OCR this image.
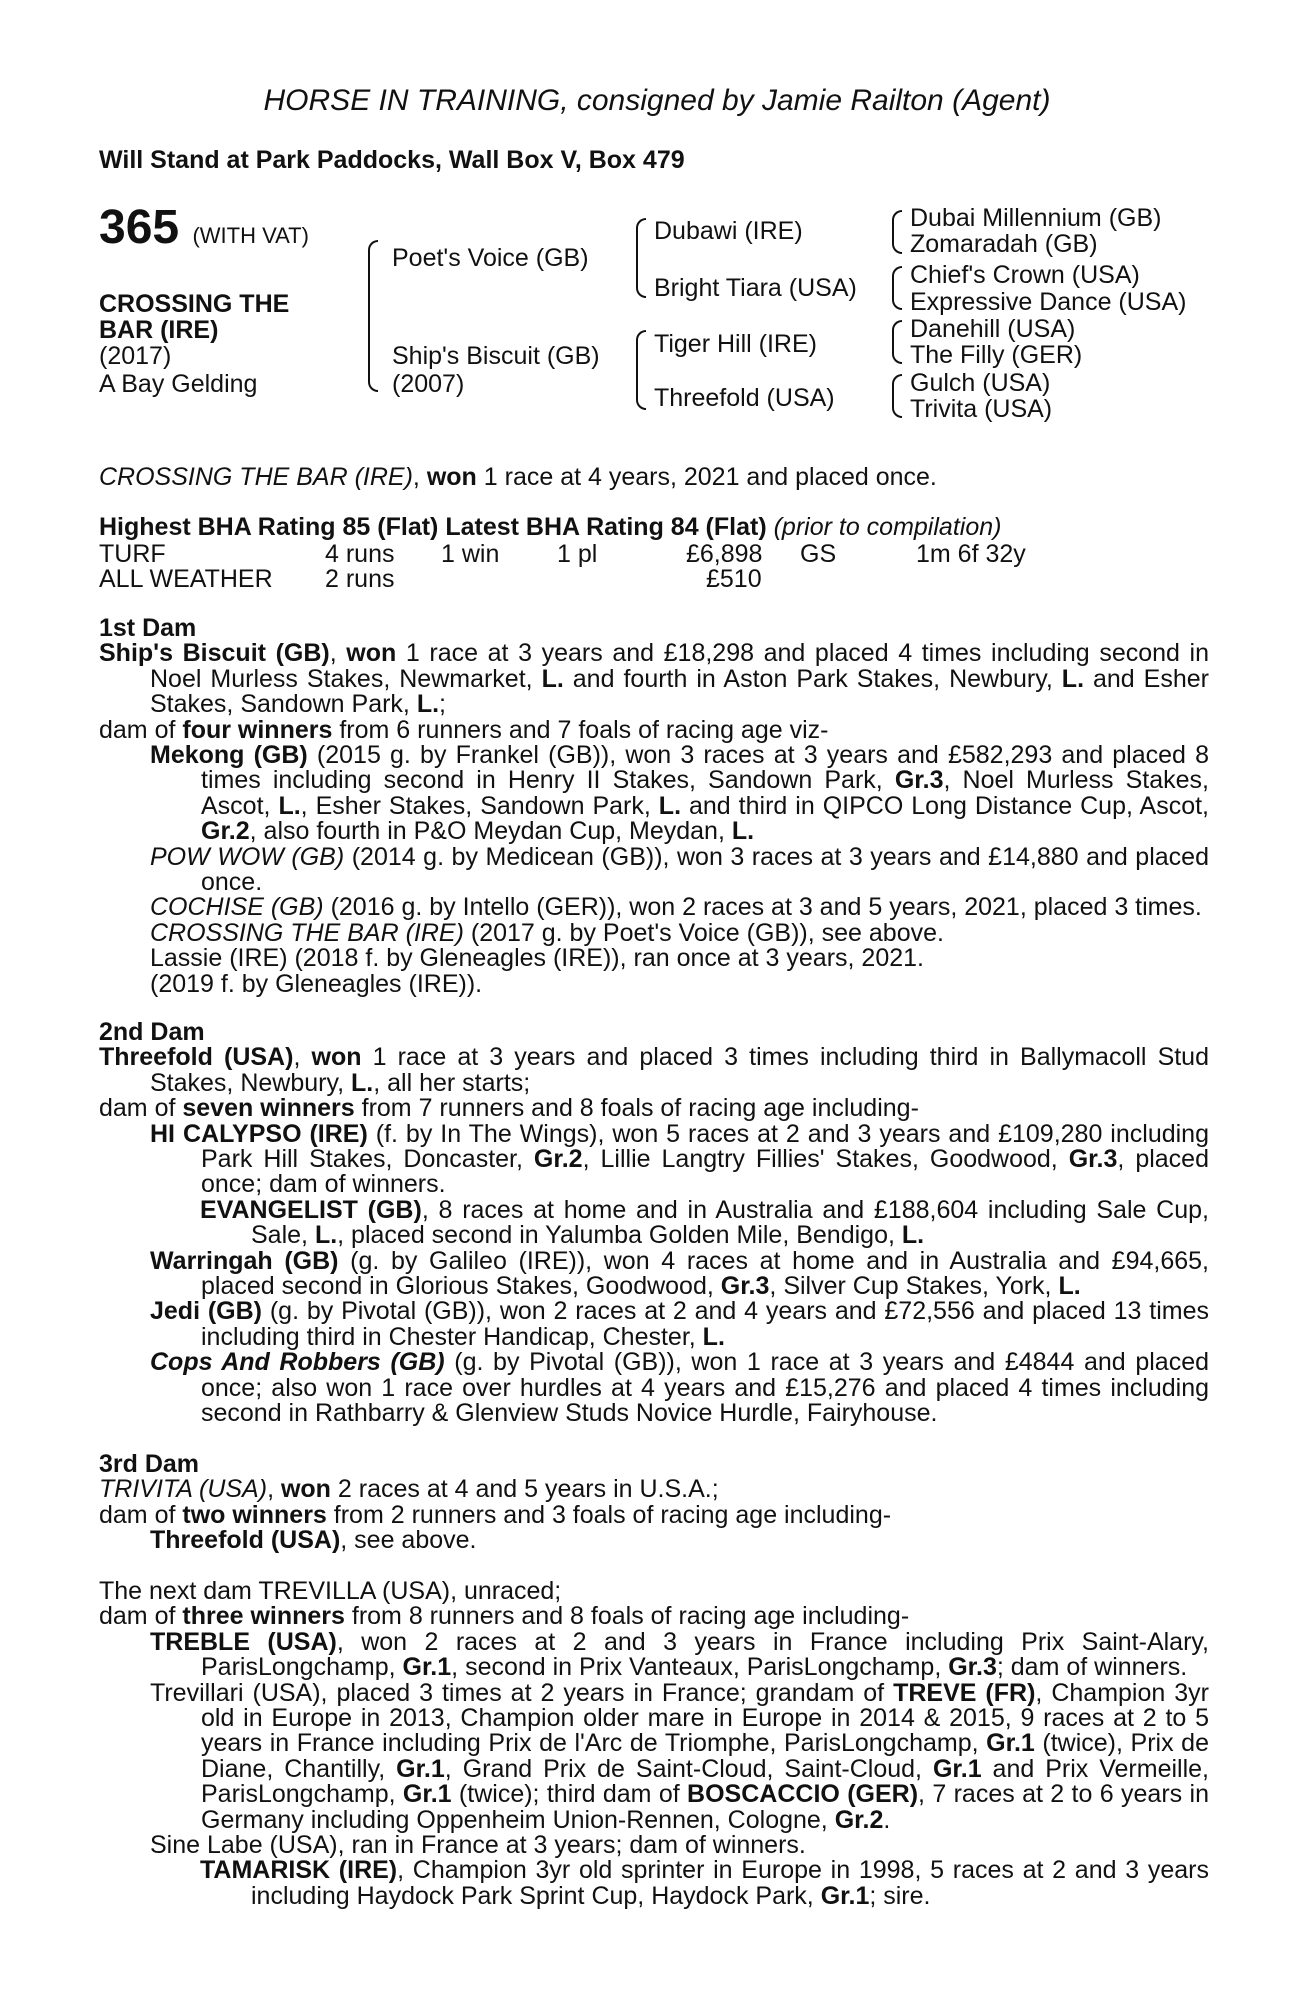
HORSE IN TRAINING, consigned by Jamie Railton (Agent)
Will Stand at Park Paddocks, Wall Box V, Box 479
365 (WITH VAT)
CROSSING THE
BAR (IRE)
(2017)
A Bay Gelding
Poet's Voice (GB)
Ship's Biscuit (GB)
(2007)
Dubawi (IRE)
Bright Tiara (USA)
Tiger Hill (IRE)
Threefold (USA)
Dubai Millennium (GB)
Zomaradah (GB)
Chief's Crown (USA)
Expressive Dance (USA)
Danehill (USA)
The Filly (GER)
Gulch (USA)
Trivita (USA)

CROSSING THE BAR (IRE), won 1 race at 4 years, 2021 and placed once.

Highest BHA Rating 85 (Flat) Latest BHA Rating 84 (Flat) (prior to compilation)

TURF	4 runs 1 win 1 pl	£6,898 GS	1m 6f 32y
ALL WEATHER 2 runs	£510

1st Dam

Ship's Biscuit (GB), won 1 race at 3 years and £18,298 and placed 4 times including second in Noel Murless Stakes, Newmarket, L. and fourth in Aston Park Stakes, Newbury, L. and Esher Stakes, Sandown Park, L.;

dam of four winners from 6 runners and 7 foals of racing age viz-

Mekong (GB) (2015 g. by Frankel (GB)), won 3 races at 3 years and £582,293 and placed 8 times including second in Henry II Stakes, Sandown Park, Gr.3, Noel Murless Stakes, Ascot, L., Esher Stakes, Sandown Park, L. and third in QIPCO Long Distance Cup, Ascot, Gr.2, also fourth in P&O Meydan Cup, Meydan, L.

POW WOW (GB) (2014 g. by Medicean (GB)), won 3 races at 3 years and £14,880 and placed once.

COCHISE (GB) (2016 g. by Intello (GER)), won 2 races at 3 and 5 years, 2021, placed 3 times.

CROSSING THE BAR (IRE) (2017 g. by Poet's Voice (GB)), see above.

Lassie (IRE) (2018 f. by Gleneagles (IRE)), ran once at 3 years, 2021.

(2019 f. by Gleneagles (IRE)).

2nd Dam

Threefold (USA), won 1 race at 3 years and placed 3 times including third in Ballymacoll Stud Stakes, Newbury, L., all her starts;

dam of seven winners from 7 runners and 8 foals of racing age including-

HI CALYPSO (IRE) (f. by In The Wings), won 5 races at 2 and 3 years and £109,280 including Park Hill Stakes, Doncaster, Gr.2, Lillie Langtry Fillies' Stakes, Goodwood, Gr.3, placed once; dam of winners.

EVANGELIST (GB), 8 races at home and in Australia and £188,604 including Sale Cup, Sale, L., placed second in Yalumba Golden Mile, Bendigo, L.

Warringah (GB) (g. by Galileo (IRE)), won 4 races at home and in Australia and £94,665, placed second in Glorious Stakes, Goodwood, Gr.3, Silver Cup Stakes, York, L.

Jedi (GB) (g. by Pivotal (GB)), won 2 races at 2 and 4 years and £72,556 and placed 13 times including third in Chester Handicap, Chester, L.

Cops And Robbers (GB) (g. by Pivotal (GB)), won 1 race at 3 years and £4844 and placed once; also won 1 race over hurdles at 4 years and £15,276 and placed 4 times including second in Rathbarry & Glenview Studs Novice Hurdle, Fairyhouse.

3rd Dam

TRIVITA (USA), won 2 races at 4 and 5 years in U.S.A.;

dam of two winners from 2 runners and 3 foals of racing age including-

Threefold (USA), see above.

The next dam TREVILLA (USA), unraced;

dam of three winners from 8 runners and 8 foals of racing age including-

TREBLE (USA), won 2 races at 2 and 3 years in France including Prix Saint-Alary, ParisLongchamp, Gr.1, second in Prix Vanteaux, ParisLongchamp, Gr.3; dam of winners.

Trevillari (USA), placed 3 times at 2 years in France; grandam of TREVE (FR), Champion 3yr old in Europe in 2013, Champion older mare in Europe in 2014 & 2015, 9 races at 2 to 5 years in France including Prix de l'Arc de Triomphe, ParisLongchamp, Gr.1 (twice), Prix de Diane, Chantilly, Gr.1, Grand Prix de Saint-Cloud, Saint-Cloud, Gr.1 and Prix Vermeille, ParisLongchamp, Gr.1 (twice); third dam of BOSCACCIO (GER), 7 races at 2 to 6 years in Germany including Oppenheim Union-Rennen, Cologne, Gr.2.

Sine Labe (USA), ran in France at 3 years; dam of winners.

TAMARISK (IRE), Champion 3yr old sprinter in Europe in 1998, 5 races at 2 and 3 years including Haydock Park Sprint Cup, Haydock Park, Gr.1; sire.
